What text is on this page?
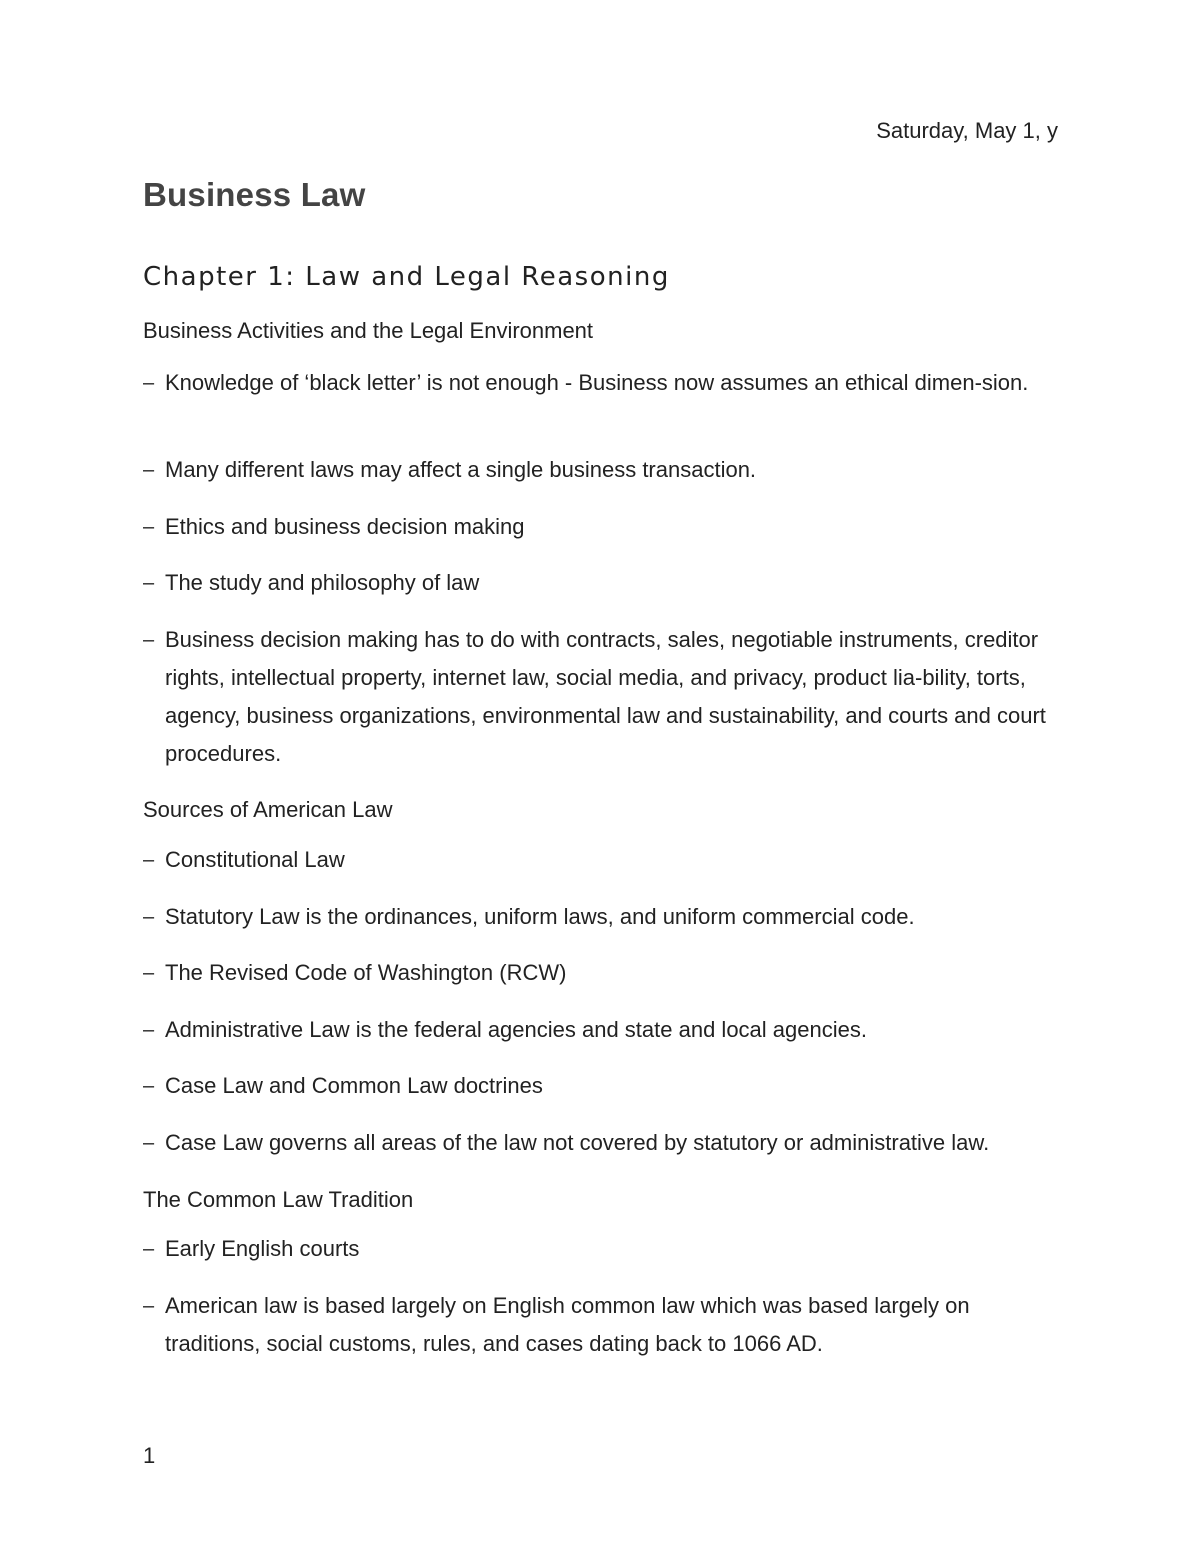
Saturday, May 1, y
Business Law
Chapter 1: Law and Legal Reasoning
Business Activities and the Legal Environment
– Knowledge of ‘black letter’ is not enough - Business now assumes an ethical dimen-sion.
– Many different laws may affect a single business transaction.
– Ethics and business decision making
– The study and philosophy of law
– Business decision making has to do with contracts, sales, negotiable instruments, creditor rights, intellectual property, internet law, social media, and privacy, product lia-bility, torts, agency, business organizations, environmental law and sustainability, and courts and court procedures.
Sources of American Law
– Constitutional Law
– Statutory Law is the ordinances, uniform laws, and uniform commercial code.
– The Revised Code of Washington (RCW)
– Administrative Law is the federal agencies and state and local agencies.
– Case Law and Common Law doctrines
– Case Law governs all areas of the law not covered by statutory or administrative law.
The Common Law Tradition
– Early English courts
– American law is based largely on English common law which was based largely on traditions, social customs, rules, and cases dating back to 1066 AD.
1
